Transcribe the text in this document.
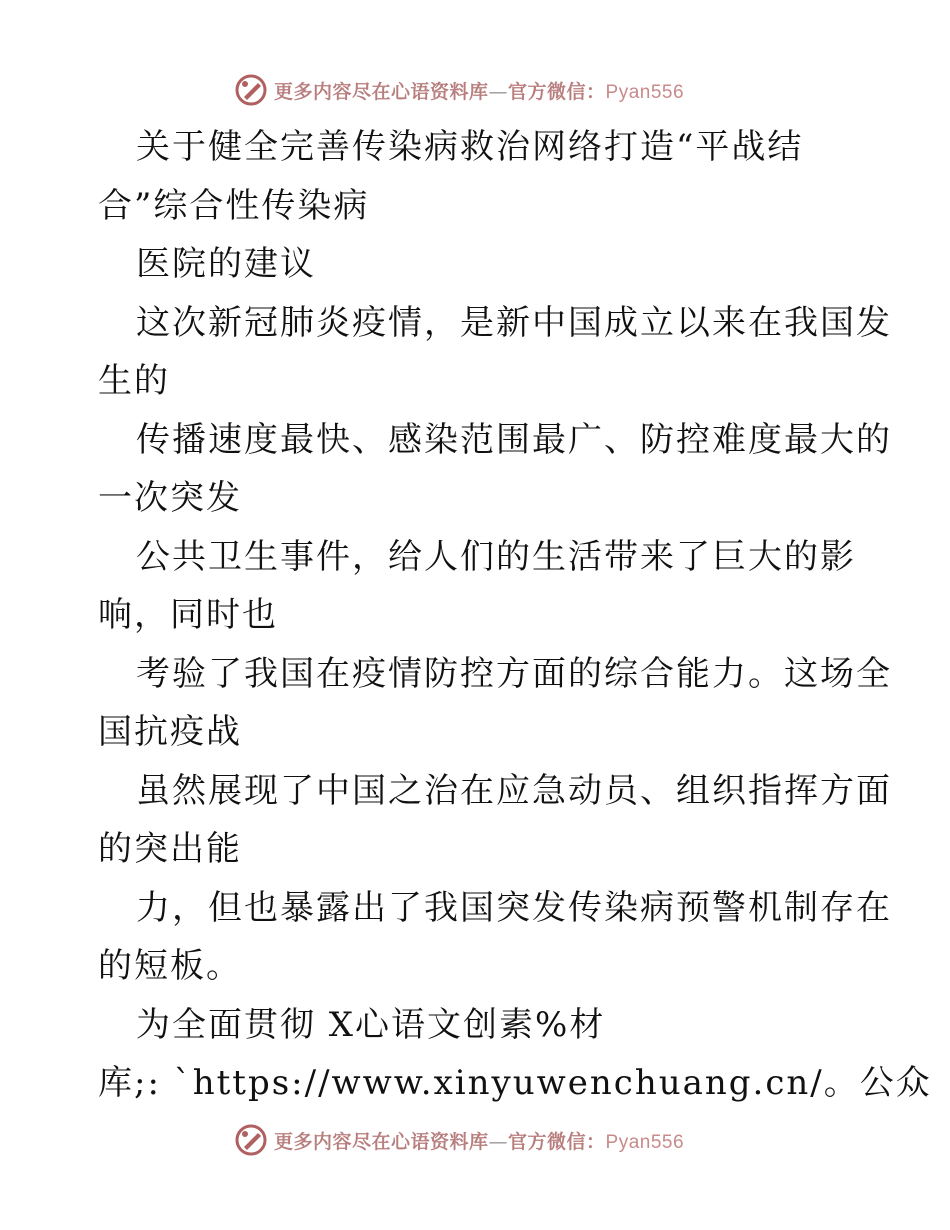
更多内容尽在心语资料库—官方微信：Pyan556
关于健全完善传染病救治网络打造“平战结
合”综合性传染病
医院的建议
这次新冠肺炎疫情，是新中国成立以来在我国发
生的
传播速度最快、感染范围最广、防控难度最大的
一次突发
公共卫生事件，给人们的生活带来了巨大的影
响，同时也
考验了我国在疫情防控方面的综合能力。这场全
国抗疫战
虽然展现了中国之治在应急动员、组织指挥方面
的突出能
力，但也暴露出了我国突发传染病预警机制存在
的短板。
为全面贯彻 X心语文创素%材
库;: `https://www.xinyuwenchuang.cn/。公众
更多内容尽在心语资料库—官方微信：Pyan556
